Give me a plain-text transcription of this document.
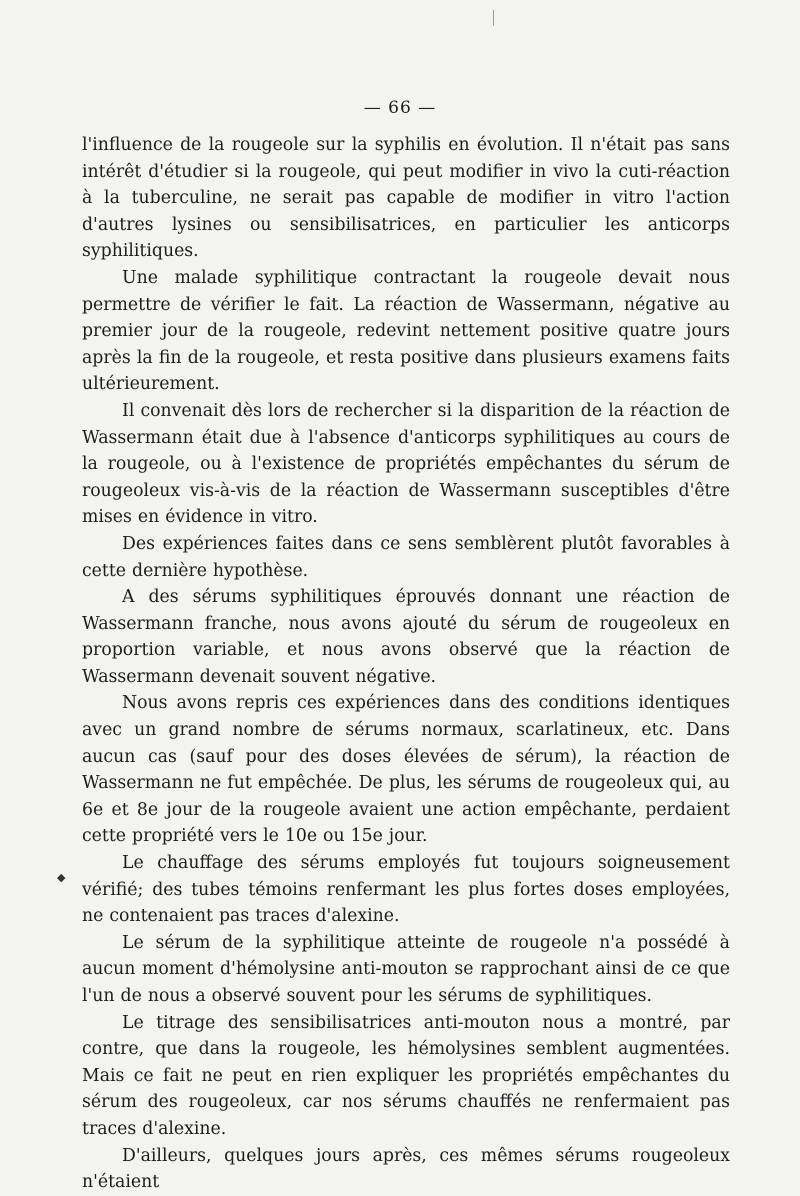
— 66 —

l'influence de la rougeole sur la syphilis en évolution. Il n'était pas sans intérêt d'étudier si la rougeole, qui peut modifier in vivo la cuti-réaction à la tuberculine, ne serait pas capable de modifier in vitro l'action d'autres lysines ou sensibilisatrices, en particulier les anticorps syphilitiques.

Une malade syphilitique contractant la rougeole devait nous permettre de vérifier le fait. La réaction de Wassermann, négative au premier jour de la rougeole, redevint nettement positive quatre jours après la fin de la rougeole, et resta positive dans plusieurs examens faits ultérieurement.

Il convenait dès lors de rechercher si la disparition de la réaction de Wassermann était due à l'absence d'anticorps syphilitiques au cours de la rougeole, ou à l'existence de propriétés empêchantes du sérum de rougeoleux vis-à-vis de la réaction de Wassermann susceptibles d'être mises en évidence in vitro.

Des expériences faites dans ce sens semblèrent plutôt favorables à cette dernière hypothèse.

A des sérums syphilitiques éprouvés donnant une réaction de Wassermann franche, nous avons ajouté du sérum de rougeoleux en proportion variable, et nous avons observé que la réaction de Wassermann devenait souvent négative.

Nous avons repris ces expériences dans des conditions identiques avec un grand nombre de sérums normaux, scarlatineux, etc. Dans aucun cas (sauf pour des doses élevées de sérum), la réaction de Wassermann ne fut empêchée. De plus, les sérums de rougeoleux qui, au 6e et 8e jour de la rougeole avaient une action empêchante, perdaient cette propriété vers le 10e ou 15e jour.

Le chauffage des sérums employés fut toujours soigneusement vérifié; des tubes témoins renfermant les plus fortes doses employées, ne contenaient pas traces d'alexine.

Le sérum de la syphilitique atteinte de rougeole n'a possédé à aucun moment d'hémolysine anti-mouton se rapprochant ainsi de ce que l'un de nous a observé souvent pour les sérums de syphilitiques.

Le titrage des sensibilisatrices anti-mouton nous a montré, par contre, que dans la rougeole, les hémolysines semblent augmentées. Mais ce fait ne peut en rien expliquer les propriétés empêchantes du sérum des rougeoleux, car nos sérums chauffés ne renfermaient pas traces d'alexine.

D'ailleurs, quelques jours après, ces mêmes sérums rougeoleux n'étaient

◆
